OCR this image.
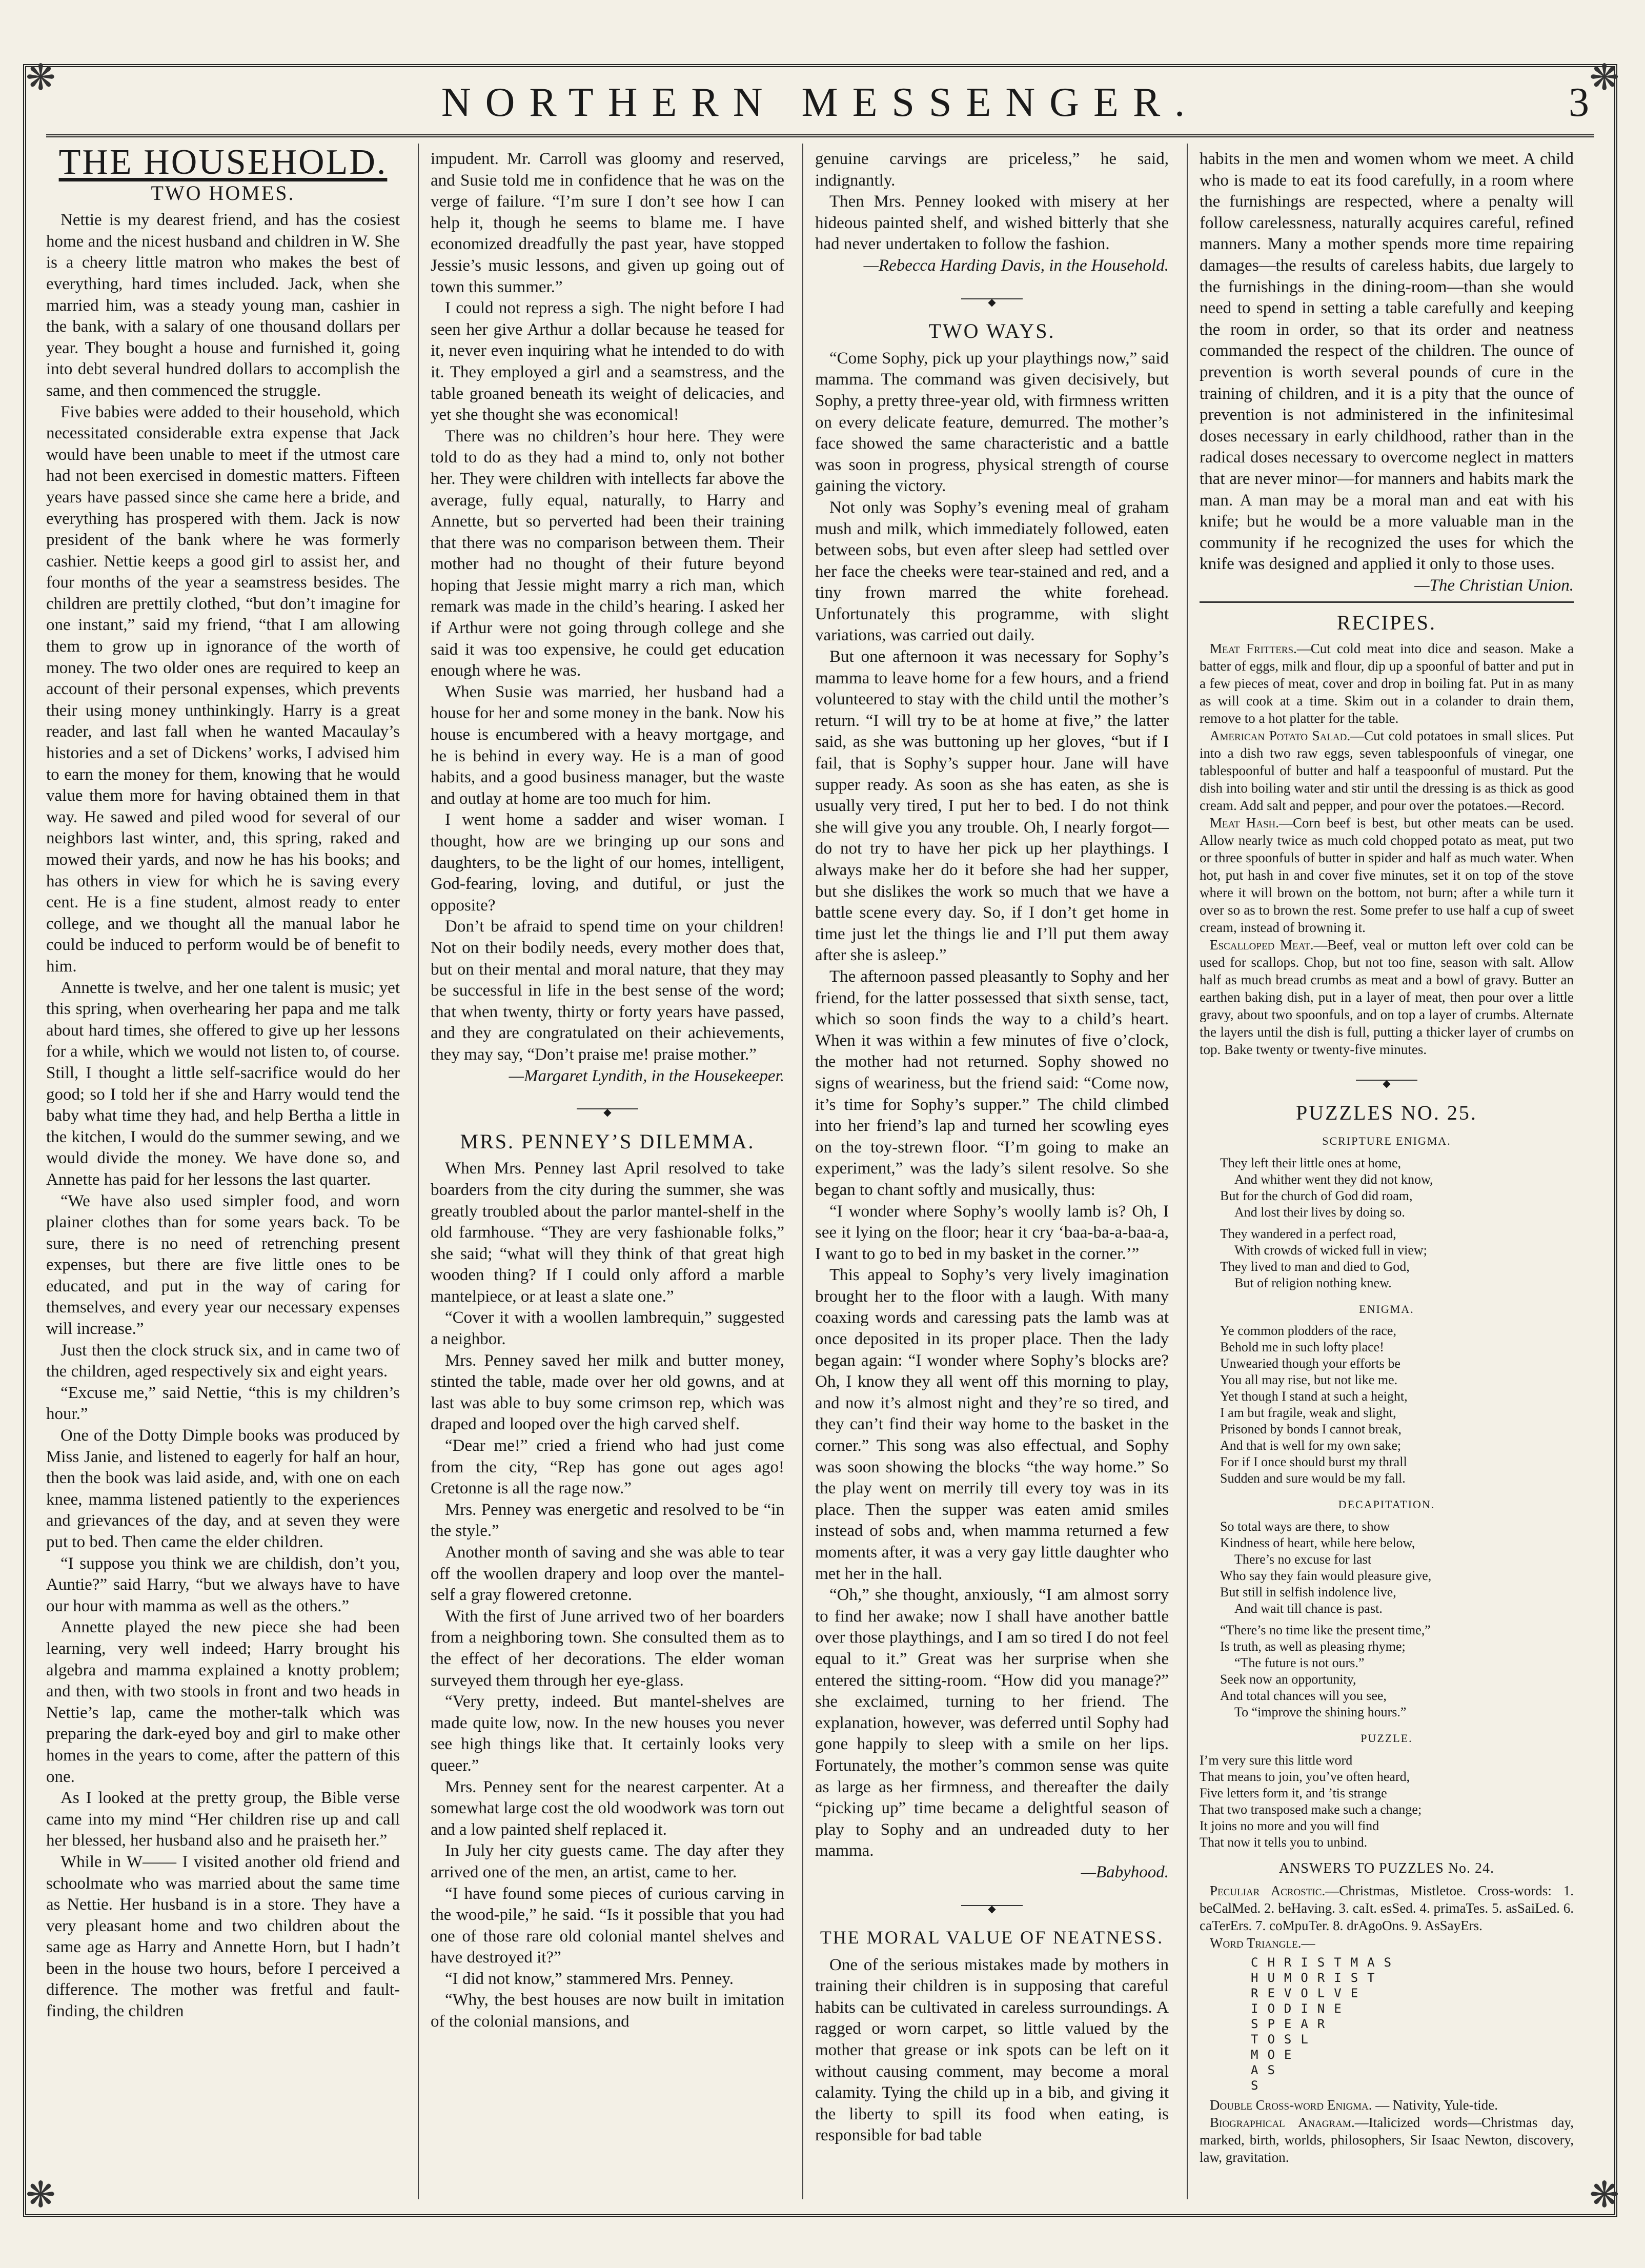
❋	❋
❋	❋
NORTHERN MESSENGER.	3
THE HOUSEHOLD.
TWO HOMES.

Nettie is my dearest friend, and has the cosiest home and the nicest husband and children in W. She is a cheery little matron who makes the best of everything, hard times included. Jack, when she married him, was a steady young man, cashier in the bank, with a salary of one thousand dollars per year. They bought a house and furnished it, going into debt several hundred dollars to accomplish the same, and then commenced the struggle.

Five babies were added to their household, which necessitated considerable extra expense that Jack would have been unable to meet if the utmost care had not been exercised in domestic matters. Fifteen years have passed since she came here a bride, and everything has prospered with them. Jack is now president of the bank where he was formerly cashier. Nettie keeps a good girl to assist her, and four months of the year a seamstress besides. The children are prettily clothed, “but don’t imagine for one instant,” said my friend, “that I am allowing them to grow up in ignorance of the worth of money. The two older ones are required to keep an account of their personal expenses, which prevents their using money unthinkingly. Harry is a great reader, and last fall when he wanted Macaulay’s histories and a set of Dickens’ works, I advised him to earn the money for them, knowing that he would value them more for having obtained them in that way. He sawed and piled wood for several of our neighbors last winter, and, this spring, raked and mowed their yards, and now he has his books; and has others in view for which he is saving every cent. He is a fine student, almost ready to enter college, and we thought all the manual labor he could be induced to perform would be of benefit to him.

Annette is twelve, and her one talent is music; yet this spring, when overhearing her papa and me talk about hard times, she offered to give up her lessons for a while, which we would not listen to, of course. Still, I thought a little self-sacrifice would do her good; so I told her if she and Harry would tend the baby what time they had, and help Bertha a little in the kitchen, I would do the summer sewing, and we would divide the money. We have done so, and Annette has paid for her lessons the last quarter.

“We have also used simpler food, and worn plainer clothes than for some years back. To be sure, there is no need of retrenching present expenses, but there are five little ones to be educated, and put in the way of caring for themselves, and every year our necessary expenses will increase.”

Just then the clock struck six, and in came two of the children, aged respectively six and eight years.

“Excuse me,” said Nettie, “this is my children’s hour.”

One of the Dotty Dimple books was produced by Miss Janie, and listened to eagerly for half an hour, then the book was laid aside, and, with one on each knee, mamma listened patiently to the experiences and grievances of the day, and at seven they were put to bed. Then came the elder children.

“I suppose you think we are childish, don’t you, Auntie?” said Harry, “but we always have to have our hour with mamma as well as the others.”

Annette played the new piece she had been learning, very well indeed; Harry brought his algebra and mamma explained a knotty problem; and then, with two stools in front and two heads in Nettie’s lap, came the mother-talk which was preparing the dark-eyed boy and girl to make other homes in the years to come, after the pattern of this one.

As I looked at the pretty group, the Bible verse came into my mind “Her children rise up and call her blessed, her husband also and he praiseth her.”

While in W—— I visited another old friend and schoolmate who was married about the same time as Nettie. Her husband is in a store. They have a very pleasant home and two children about the same age as Harry and Annette Horn, but I hadn’t been in the house two hours, before I perceived a difference. The mother was fretful and fault-finding, the children

impudent. Mr. Carroll was gloomy and reserved, and Susie told me in confidence that he was on the verge of failure. “I’m sure I don’t see how I can help it, though he seems to blame me. I have economized dreadfully the past year, have stopped Jessie’s music lessons, and given up going out of town this summer.”

I could not repress a sigh. The night before I had seen her give Arthur a dollar because he teased for it, never even inquiring what he intended to do with it. They employed a girl and a seamstress, and the table groaned beneath its weight of delicacies, and yet she thought she was economical!

There was no children’s hour here. They were told to do as they had a mind to, only not bother her. They were children with intellects far above the average, fully equal, naturally, to Harry and Annette, but so perverted had been their training that there was no comparison between them. Their mother had no thought of their future beyond hoping that Jessie might marry a rich man, which remark was made in the child’s hearing. I asked her if Arthur were not going through college and she said it was too expensive, he could get education enough where he was.

When Susie was married, her husband had a house for her and some money in the bank. Now his house is encumbered with a heavy mortgage, and he is behind in every way. He is a man of good habits, and a good business manager, but the waste and outlay at home are too much for him.

I went home a sadder and wiser woman. I thought, how are we bringing up our sons and daughters, to be the light of our homes, intelligent, God-fearing, loving, and dutiful, or just the opposite?

Don’t be afraid to spend time on your children! Not on their bodily needs, every mother does that, but on their mental and moral nature, that they may be successful in life in the best sense of the word; that when twenty, thirty or forty years have passed, and they are congratulated on their achievements, they may say, “Don’t praise me! praise mother.”

—Margaret Lyndith, in the Housekeeper.

◆
MRS. PENNEY’S DILEMMA.

When Mrs. Penney last April resolved to take boarders from the city during the summer, she was greatly troubled about the parlor mantel-shelf in the old farmhouse. “They are very fashionable folks,” she said; “what will they think of that great high wooden thing? If I could only afford a marble mantelpiece, or at least a slate one.”

“Cover it with a woollen lambrequin,” suggested a neighbor.

Mrs. Penney saved her milk and butter money, stinted the table, made over her old gowns, and at last was able to buy some crimson rep, which was draped and looped over the high carved shelf.

“Dear me!” cried a friend who had just come from the city, “Rep has gone out ages ago! Cretonne is all the rage now.”

Mrs. Penney was energetic and resolved to be “in the style.”

Another month of saving and she was able to tear off the woollen drapery and loop over the mantel-self a gray flowered cretonne.

With the first of June arrived two of her boarders from a neighboring town. She consulted them as to the effect of her decorations. The elder woman surveyed them through her eye-glass.

“Very pretty, indeed. But mantel-shelves are made quite low, now. In the new houses you never see high things like that. It certainly looks very queer.”

Mrs. Penney sent for the nearest carpenter. At a somewhat large cost the old woodwork was torn out and a low painted shelf replaced it.

In July her city guests came. The day after they arrived one of the men, an artist, came to her.

“I have found some pieces of curious carving in the wood-pile,” he said. “Is it possible that you had one of those rare old colonial mantel shelves and have destroyed it?”

“I did not know,” stammered Mrs. Penney.

“Why, the best houses are now built in imitation of the colonial mansions, and

genuine carvings are priceless,” he said, indignantly.

Then Mrs. Penney looked with misery at her hideous painted shelf, and wished bitterly that she had never undertaken to follow the fashion.

—Rebecca Harding Davis, in the Household.

◆
TWO WAYS.

“Come Sophy, pick up your playthings now,” said mamma. The command was given decisively, but Sophy, a pretty three-year old, with firmness written on every delicate feature, demurred. The mother’s face showed the same characteristic and a battle was soon in progress, physical strength of course gaining the victory.

Not only was Sophy’s evening meal of graham mush and milk, which immediately followed, eaten between sobs, but even after sleep had settled over her face the cheeks were tear-stained and red, and a tiny frown marred the white forehead. Unfortunately this programme, with slight variations, was carried out daily.

But one afternoon it was necessary for Sophy’s mamma to leave home for a few hours, and a friend volunteered to stay with the child until the mother’s return. “I will try to be at home at five,” the latter said, as she was buttoning up her gloves, “but if I fail, that is Sophy’s supper hour. Jane will have supper ready. As soon as she has eaten, as she is usually very tired, I put her to bed. I do not think she will give you any trouble. Oh, I nearly forgot—do not try to have her pick up her playthings. I always make her do it before she had her supper, but she dislikes the work so much that we have a battle scene every day. So, if I don’t get home in time just let the things lie and I’ll put them away after she is asleep.”

The afternoon passed pleasantly to Sophy and her friend, for the latter possessed that sixth sense, tact, which so soon finds the way to a child’s heart. When it was within a few minutes of five o’clock, the mother had not returned. Sophy showed no signs of weariness, but the friend said: “Come now, it’s time for Sophy’s supper.” The child climbed into her friend’s lap and turned her scowling eyes on the toy-strewn floor. “I’m going to make an experiment,” was the lady’s silent resolve. So she began to chant softly and musically, thus:

“I wonder where Sophy’s woolly lamb is? Oh, I see it lying on the floor; hear it cry ‘baa-ba-a-baa-a, I want to go to bed in my basket in the corner.’”

This appeal to Sophy’s very lively imagination brought her to the floor with a laugh. With many coaxing words and caressing pats the lamb was at once deposited in its proper place. Then the lady began again: “I wonder where Sophy’s blocks are? Oh, I know they all went off this morning to play, and now it’s almost night and they’re so tired, and they can’t find their way home to the basket in the corner.” This song was also effectual, and Sophy was soon showing the blocks “the way home.” So the play went on merrily till every toy was in its place. Then the supper was eaten amid smiles instead of sobs and, when mamma returned a few moments after, it was a very gay little daughter who met her in the hall.

“Oh,” she thought, anxiously, “I am almost sorry to find her awake; now I shall have another battle over those playthings, and I am so tired I do not feel equal to it.” Great was her surprise when she entered the sitting-room. “How did you manage?” she exclaimed, turning to her friend. The explanation, however, was deferred until Sophy had gone happily to sleep with a smile on her lips. Fortunately, the mother’s common sense was quite as large as her firmness, and thereafter the daily “picking up” time became a delightful season of play to Sophy and an undreaded duty to her mamma.

—Babyhood.

◆
THE MORAL VALUE OF NEATNESS.

One of the serious mistakes made by mothers in training their children is in supposing that careful habits can be cultivated in careless surroundings. A ragged or worn carpet, so little valued by the mother that grease or ink spots can be left on it without causing comment, may become a moral calamity. Tying the child up in a bib, and giving it the liberty to spill its food when eating, is responsible for bad table

habits in the men and women whom we meet. A child who is made to eat its food carefully, in a room where the furnishings are respected, where a penalty will follow carelessness, naturally acquires careful, refined manners. Many a mother spends more time repairing damages—the results of careless habits, due largely to the furnishings in the dining-room—than she would need to spend in setting a table carefully and keeping the room in order, so that its order and neatness commanded the respect of the children. The ounce of prevention is worth several pounds of cure in the training of children, and it is a pity that the ounce of prevention is not administered in the infinitesimal doses necessary in early childhood, rather than in the radical doses necessary to overcome neglect in matters that are never minor—for manners and habits mark the man. A man may be a moral man and eat with his knife; but he would be a more valuable man in the community if he recognized the uses for which the knife was designed and applied it only to those uses.

—The Christian Union.

RECIPES.

Meat Fritters.—Cut cold meat into dice and season. Make a batter of eggs, milk and flour, dip up a spoonful of batter and put in a few pieces of meat, cover and drop in boiling fat. Put in as many as will cook at a time. Skim out in a colander to drain them, remove to a hot platter for the table.

American Potato Salad.—Cut cold potatoes in small slices. Put into a dish two raw eggs, seven tablespoonfuls of vinegar, one tablespoonful of butter and half a teaspoonful of mustard. Put the dish into boiling water and stir until the dressing is as thick as good cream. Add salt and pepper, and pour over the potatoes.—Record.

Meat Hash.—Corn beef is best, but other meats can be used. Allow nearly twice as much cold chopped potato as meat, put two or three spoonfuls of butter in spider and half as much water. When hot, put hash in and cover five minutes, set it on top of the stove where it will brown on the bottom, not burn; after a while turn it over so as to brown the rest. Some prefer to use half a cup of sweet cream, instead of browning it.

Escalloped Meat.—Beef, veal or mutton left over cold can be used for scallops. Chop, but not too fine, season with salt. Allow half as much bread crumbs as meat and a bowl of gravy. Butter an earthen baking dish, put in a layer of meat, then pour over a little gravy, about two spoonfuls, and on top a layer of crumbs. Alternate the layers until the dish is full, putting a thicker layer of crumbs on top. Bake twenty or twenty-five minutes.

◆
PUZZLES NO. 25.
SCRIPTURE ENIGMA.
They left their little ones at home,
And whither went they did not know,
But for the church of God did roam,
And lost their lives by doing so.
They wandered in a perfect road,
With crowds of wicked full in view;
They lived to man and died to God,
But of religion nothing knew.
ENIGMA.
Ye common plodders of the race,
Behold me in such lofty place!
Unwearied though your efforts be
You all may rise, but not like me.
Yet though I stand at such a height,
I am but fragile, weak and slight,
Prisoned by bonds I cannot break,
And that is well for my own sake;
For if I once should burst my thrall
Sudden and sure would be my fall.
DECAPITATION.
So total ways are there, to show
Kindness of heart, while here below,
There’s no excuse for last
Who say they fain would pleasure give,
But still in selfish indolence live,
And wait till chance is past.
“There’s no time like the present time,”
Is truth, as well as pleasing rhyme;
“The future is not ours.”
Seek now an opportunity,
And total chances will you see,
To “improve the shining hours.”
PUZZLE.
I’m very sure this little word
That means to join, you’ve often heard,
Five letters form it, and ’tis strange
That two transposed make such a change;
It joins no more and you will find
That now it tells you to unbind.
ANSWERS TO PUZZLES No. 24.

Peculiar Acrostic.—Christmas, Mistletoe. Cross-words: 1. beCalMed. 2. beHaving. 3. caIt. esSed. 4. primaTes. 5. asSaiLed. 6. caTerErs. 7. coMpuTer. 8. drAgoOns. 9. AsSayErs.

Word Triangle.—

CHRISTMAS
HUMORIST
REVOLVE
IODINE
SPEAR
TOSL
MOE
AS
S

Double Cross-word Enigma. — Nativity, Yule-tide.

Biographical Anagram.—Italicized words—Christmas day, marked, birth, worlds, philosophers, Sir Isaac Newton, discovery, law, gravitation.
